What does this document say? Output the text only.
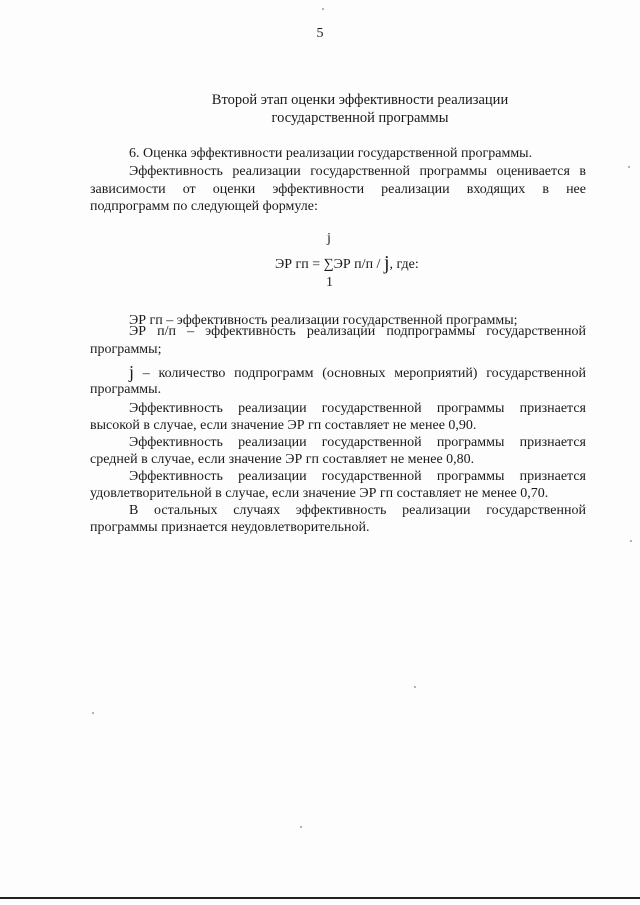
5
Второй этап оценки эффективности реализации
государственной программы
6. Оценка эффективности реализации государственной программы.
Эффективность реализации государственной программы оценивается в
зависимости от оценки эффективности реализации входящих в нее
подпрограмм по следующей формуле:
j
ЭР гп = ∑ЭР п/п / j, где:
1
ЭР гп – эффективность реализации государственной программы;
ЭР п/п – эффективность реализации подпрограммы государственной
программы;
j – количество подпрограмм (основных мероприятий) государственной
программы.
Эффективность реализации государственной программы признается
высокой в случае, если значение ЭР гп составляет не менее 0,90.
Эффективность реализации государственной программы признается
средней в случае, если значение ЭР гп составляет не менее 0,80.
Эффективность реализации государственной программы признается
удовлетворительной в случае, если значение ЭР гп составляет не менее 0,70.
В остальных случаях эффективность реализации государственной
программы признается неудовлетворительной.
